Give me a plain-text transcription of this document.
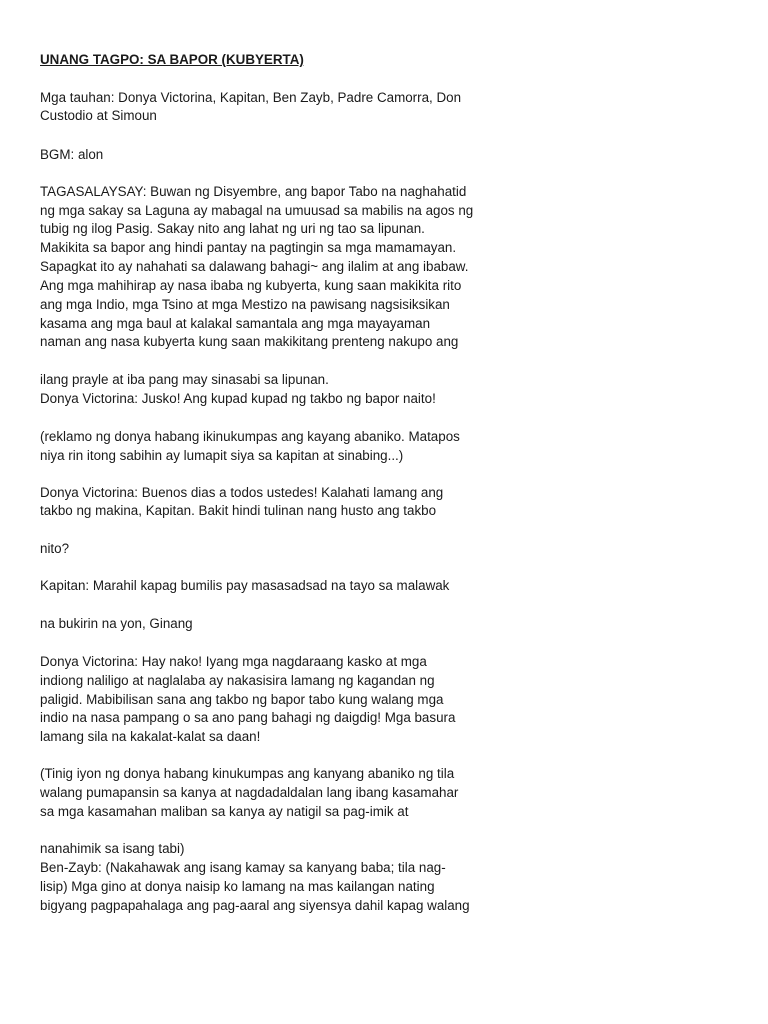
UNANG TAGPO: SA BAPOR (KUBYERTA)
Mga tauhan: Donya Victorina, Kapitan, Ben Zayb, Padre Camorra, Don
Custodio at Simoun
BGM: alon
TAGASALAYSAY: Buwan ng Disyembre, ang bapor Tabo na naghahatid
ng mga sakay sa Laguna ay mabagal na umuusad sa mabilis na agos ng
tubig ng ilog Pasig. Sakay nito ang lahat ng uri ng tao sa lipunan.
Makikita sa bapor ang hindi pantay na pagtingin sa mga mamamayan.
Sapagkat ito ay nahahati sa dalawang bahagi~ ang ilalim at ang ibabaw.
Ang mga mahihirap ay nasa ibaba ng kubyerta, kung saan makikita rito
ang mga Indio, mga Tsino at mga Mestizo na pawisang nagsisiksikan
kasama ang mga baul at kalakal samantala ang mga mayayaman
naman ang nasa kubyerta kung saan makikitang prenteng nakupo ang
ilang prayle at iba pang may sinasabi sa lipunan.
Donya Victorina: Jusko! Ang kupad kupad ng takbo ng bapor naito!
(reklamo ng donya habang ikinukumpas ang kayang abaniko. Matapos
niya rin itong sabihin ay lumapit siya sa kapitan at sinabing...)
Donya Victorina: Buenos dias a todos ustedes! Kalahati lamang ang
takbo ng makina, Kapitan. Bakit hindi tulinan nang husto ang takbo
nito?
Kapitan: Marahil kapag bumilis pay masasadsad na tayo sa malawak
na bukirin na yon, Ginang
Donya Victorina: Hay nako! Iyang mga nagdaraang kasko at mga
indiong naliligo at naglalaba ay nakasisira lamang ng kagandan ng
paligid. Mabibilisan sana ang takbo ng bapor tabo kung walang mga
indio na nasa pampang o sa ano pang bahagi ng daigdig! Mga basura
lamang sila na kakalat-kalat sa daan!
(Tinig iyon ng donya habang kinukumpas ang kanyang abaniko ng tila
walang pumapansin sa kanya at nagdadaldalan lang ibang kasamahar
sa mga kasamahan maliban sa kanya ay natigil sa pag-imik at
nanahimik sa isang tabi)
Ben-Zayb: (Nakahawak ang isang kamay sa kanyang baba; tila nag-
lisip) Mga gino at donya naisip ko lamang na mas kailangan nating
bigyang pagpapahalaga ang pag-aaral ang siyensya dahil kapag walang
